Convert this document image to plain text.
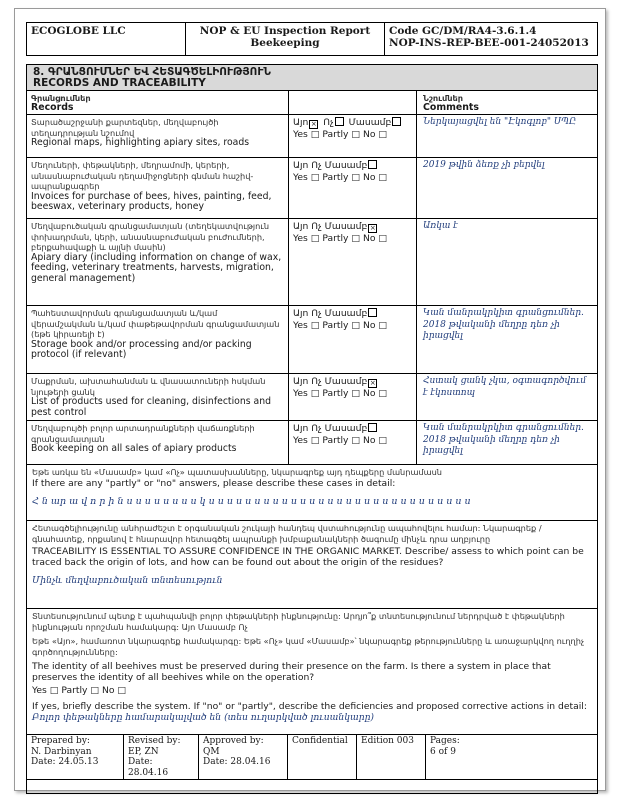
ECOGLOBE LLC	NOP & EU Inspection Report
Beekeeping	Code GC/DM/RA4-3.6.1.4
NOP-INS-REP-BEE-001-24052013
8. ԳՐԱՆՑՈՒՄՆԵՐ ԵՎ ՀԵՏԱԳԾԵԼԻՈՒԹՅՈՒՆ
RECORDS AND TRACEABILITY
Գրանցումներ
Records
Նշումներ
Comments
Տարածաշրջանի քարտեզներ, մեղվաբույծի տեղադրության նշումով
Regional maps, highlighting apiary sites, roads
Այո× Ոչ Մասամբ
Yes □ Partly □ No □
Ներկայացվել են "Էկոգլոբ" ՍՊԸ
Մեղուների, փեթակների, մեղրամոմի, կերերի, անասնաբուժական դեղամիջոցների գնման հաշիվ-ապրանքագրեր
Invoices for purchase of bees, hives, painting, feed, beeswax, veterinary products, honey
Այո Ոչ Մասամբ
Yes □ Partly □ No □
2019 թվին ձեռք չի բերվել
Մեղվաբուծական գրանցամատյան (տեղեկատվություն փոխադրման, կերի, անասնաբուժական բուժումների, բերքահավաքի և այլնի մասին)
Apiary diary (including information on change of wax, feeding, veterinary treatments, harvests, migration, general management)
Այո Ոչ Մասամբ×
Yes □ Partly □ No □
Առկա է
Պահեստավորման գրանցամատյան և/կամ վերամշակման և/կամ փաթեթավորման գրանցամատյան (եթե կիրառելի է)
Storage book and/or processing and/or packing protocol (if relevant)
Այո Ոչ Մասամբ
Yes □ Partly □ No □
Կան մանրակրկիտ գրանցումներ. 2018 թվականի մեղրը դեռ չի իրացվել
Մաքրման, ախտահանման և վնասատուների հսկման նյութերի ցանկ
List of products used for cleaning, disinfections and pest control
Այո Ոչ Մասամբ×
Yes □ Partly □ No □
Հստակ ցանկ չկա, օգտագործվում է էկոստոպ
Մեղվաբույծի բոլոր արտադրանքների վաճառքների գրանցամատյան
Book keeping on all sales of apiary products
Այո Ոչ Մասամբ
Yes □ Partly □ No □
Կան մանրակրկիտ գրանցումներ. 2018 թվականի մեղրը դեռ չի իրացվել
Եթե առկա են «Մասամբ» կամ «Ոչ» պատասխանները, նկարագրեք այդ դեպքերը մանրամասն
If there are any "partly" or "no" answers, please describe these cases in detail:
Հ ն ար ա վ ո ր ի ն ս ս ս ս ս ս ս ս կ ս ս ս ս ս ս ս ս ս ս ս ս ս ս ս ս ս ս ս ս ս ս ս ս ս ս ս ս ս
Հետագծելիությունը անհրաժեշտ է օրգանական շուկայի հանդեպ վստահությունը ապահովելու համար: Նկարագրեք / գնահատեք, որքանով է հնարավոր հետագծել ապրանքի խմբաքանակների ծագումը մինչև դրա աղբյուրը
TRACEABILITY IS ESSENTIAL TO ASSURE CONFIDENCE IN THE ORGANIC MARKET. Describe/ assess to which point can be traced back the origin of lots, and how can be found out about the origin of the residues?
Մինչև մեղվաբուծական տնտեսություն
Տնտեսությունում պետք է պահպանվի բոլոր փեթակների ինքնությունը: Արդյո՞ք տնտեսությունում ներդրված է փեթակների ինքնության որոշման համակարգ: Այո Մասամբ Ոչ
Եթե «Այո», համառոտ նկարագրեք համակարգը: Եթե «Ոչ» կամ «Մասամբ»՝ նկարագրեք թերությունները և առաջարկվող ուղղիչ գործողությունները:
The identity of all beehives must be preserved during their presence on the farm. Is there a system in place that preserves the identity of all beehives while on the operation?
Yes □ Partly □ No □
If yes, briefly describe the system. If "no" or "partly", describe the deficiencies and proposed corrective actions in detail:
Բոլոր փեթակները համարակալված են (տես ուղարկված լուսանկարը)
Prepared by:
N. Darbinyan
Date: 24.05.13	Revised by:
EP, ZN
Date: 28.04.16	Approved by:
QM
Date: 28.04.16	Confidential	Edition 003	Pages:
6 of 9
